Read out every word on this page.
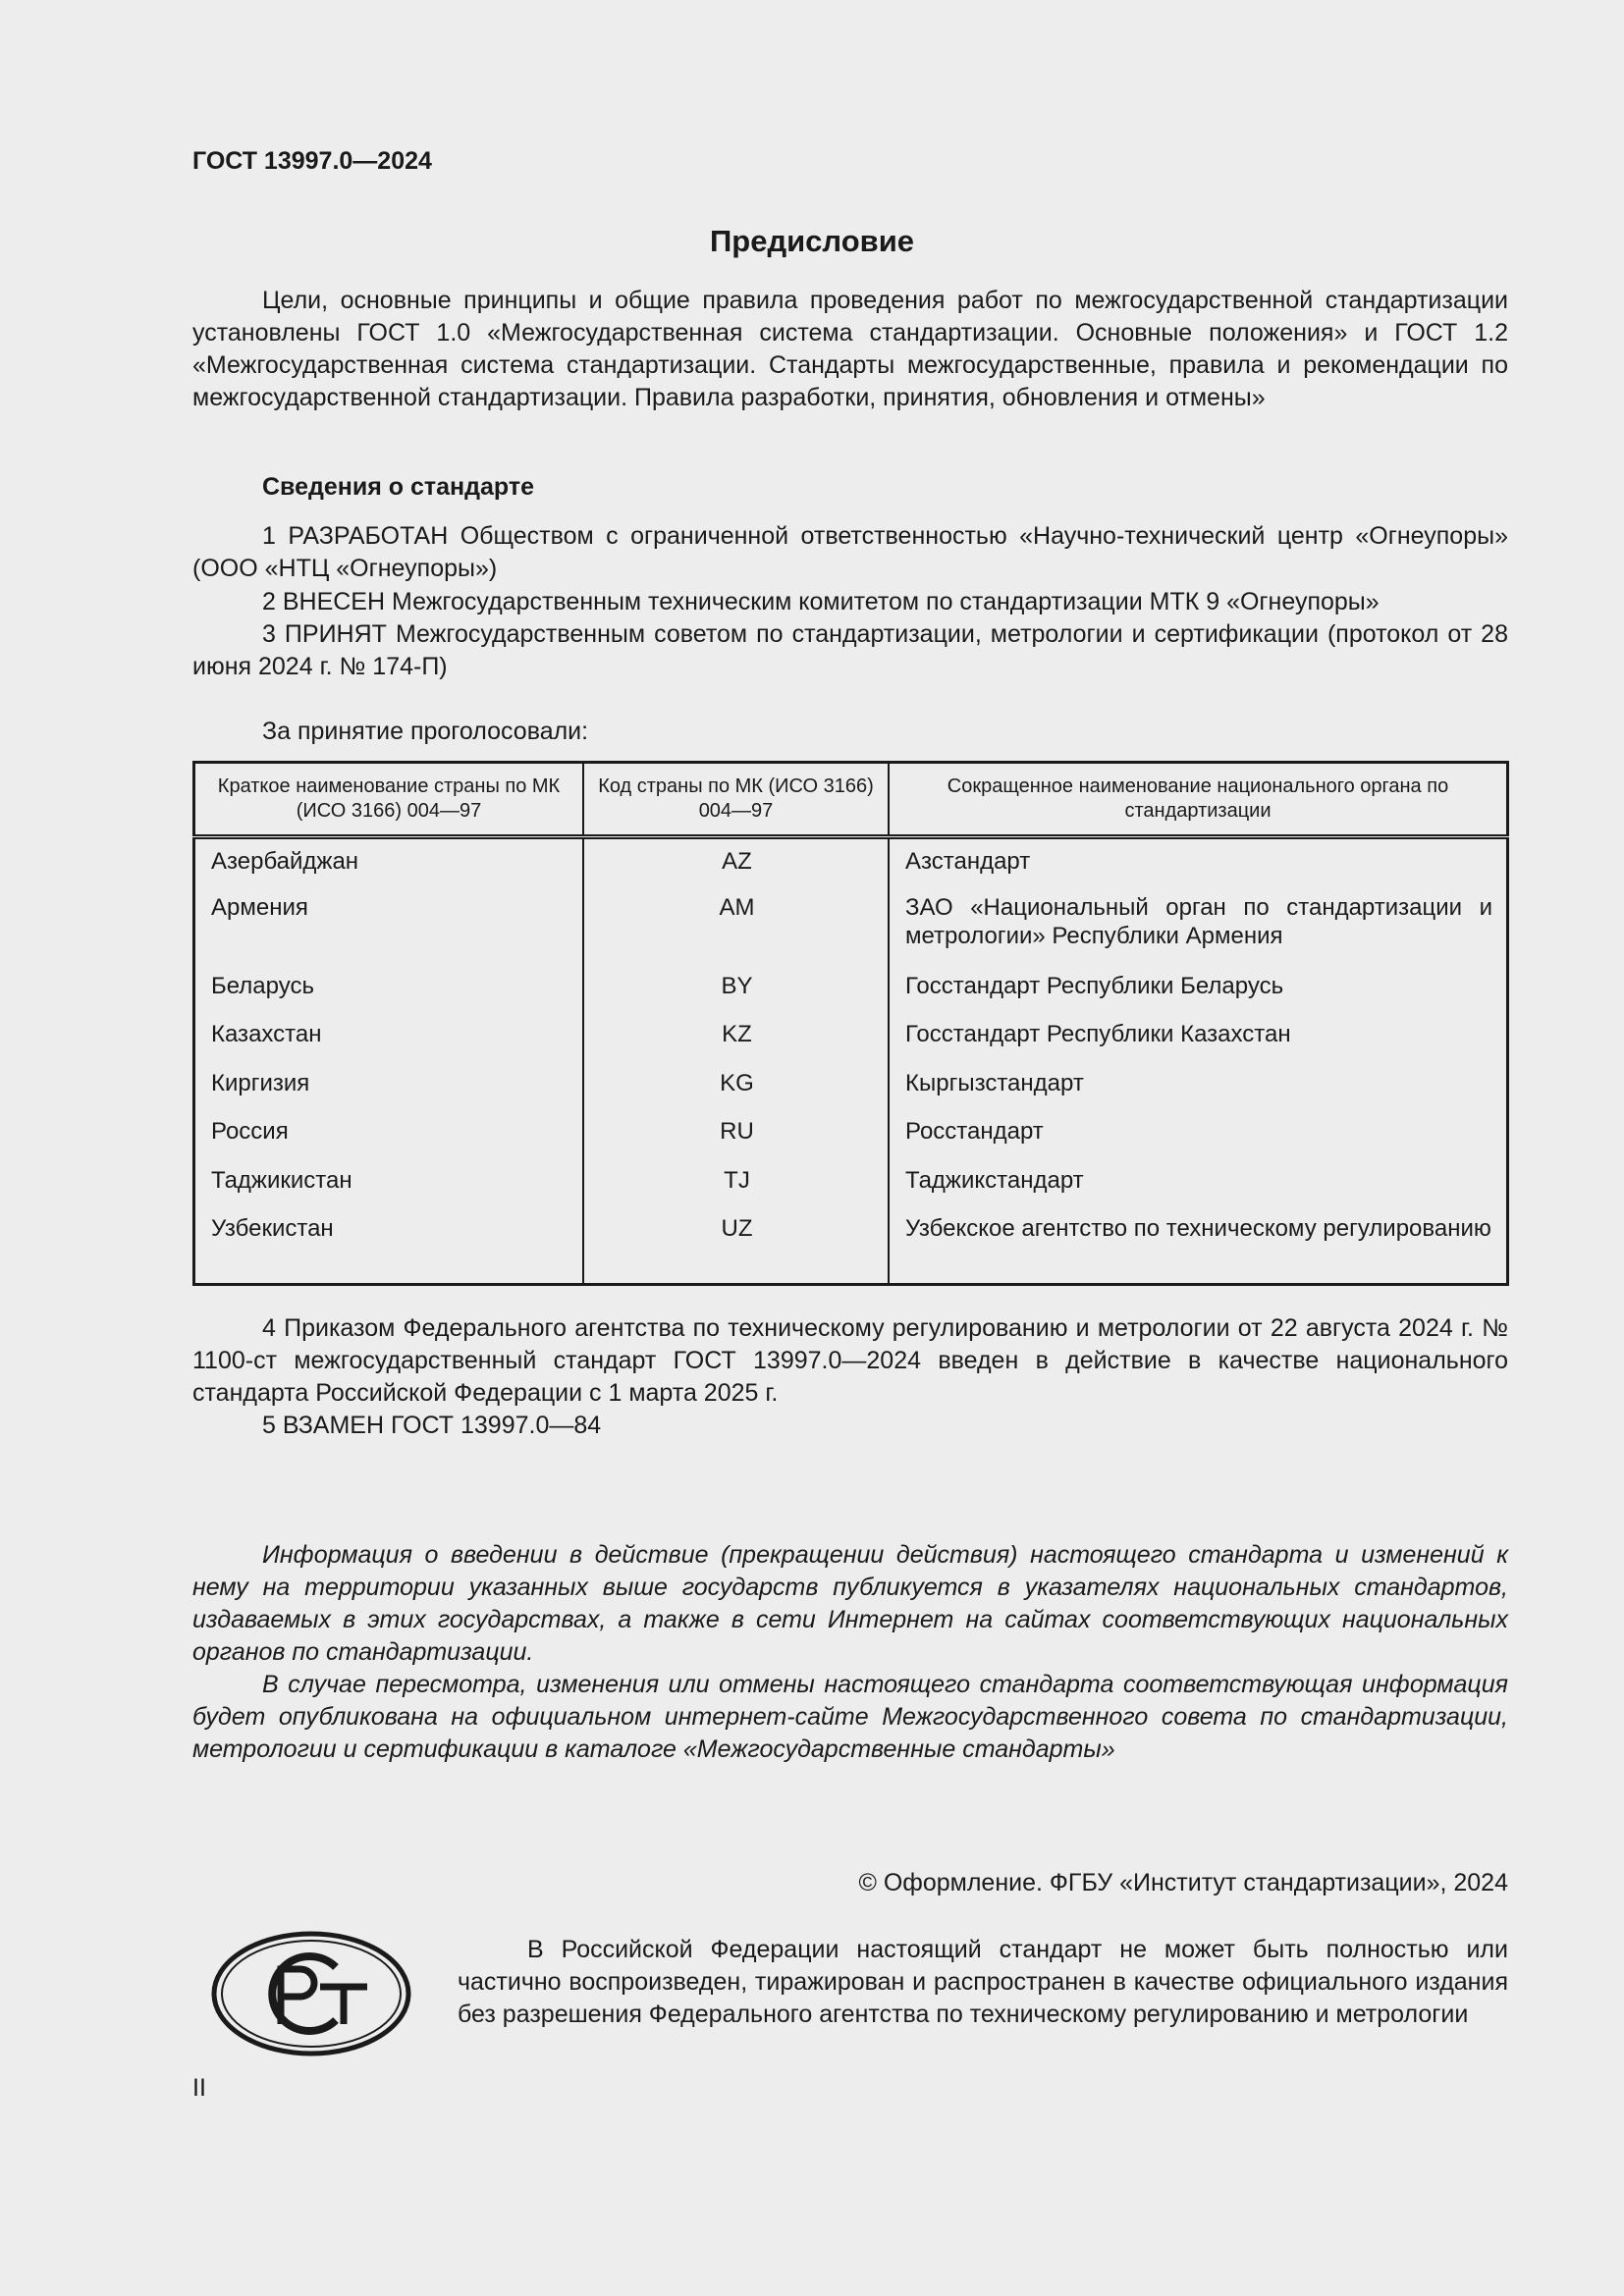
ГОСТ 13997.0—2024
Предисловие
Цели, основные принципы и общие правила проведения работ по межгосударственной стандартизации установлены ГОСТ 1.0 «Межгосударственная система стандартизации. Основные положения» и ГОСТ 1.2 «Межгосударственная система стандартизации. Стандарты межгосударственные, правила и рекомендации по межгосударственной стандартизации. Правила разработки, принятия, обновления и отмены»
Сведения о стандарте
1 РАЗРАБОТАН Обществом с ограниченной ответственностью «Научно-технический центр «Огнеупоры» (ООО «НТЦ «Огнеупоры»)
2 ВНЕСЕН Межгосударственным техническим комитетом по стандартизации МТК 9 «Огнеупоры»
3 ПРИНЯТ Межгосударственным советом по стандартизации, метрологии и сертификации (протокол от 28 июня 2024 г. № 174-П)
За принятие проголосовали:
Краткое наименование страны по МК (ИСО 3166) 004—97	Код страны по МК (ИСО 3166) 004—97	Сокращенное наименование национального органа по стандартизации
Азербайджан	AZ	Азстандарт
Армения	AM	ЗАО «Национальный орган по стандартизации и метрологии» Республики Армения
Беларусь	BY	Госстандарт Республики Беларусь
Казахстан	KZ	Госстандарт Республики Казахстан
Киргизия	KG	Кыргызстандарт
Россия	RU	Росстандарт
Таджикистан	TJ	Таджикстандарт
Узбекистан	UZ	Узбекское агентство по техническому регулированию
4 Приказом Федерального агентства по техническому регулированию и метрологии от 22 августа 2024 г. № 1100-ст межгосударственный стандарт ГОСТ 13997.0—2024 введен в действие в качестве национального стандарта Российской Федерации с 1 марта 2025 г.
5 ВЗАМЕН ГОСТ 13997.0—84
Информация о введении в действие (прекращении действия) настоящего стандарта и изменений к нему на территории указанных выше государств публикуется в указателях национальных стандартов, издаваемых в этих государствах, а также в сети Интернет на сайтах соответствующих национальных органов по стандартизации.
В случае пересмотра, изменения или отмены настоящего стандарта соответствующая информация будет опубликована на официальном интернет-сайте Межгосударственного совета по стандартизации, метрологии и сертификации в каталоге «Межгосударственные стандарты»
© Оформление. ФГБУ «Институт стандартизации», 2024
В Российской Федерации настоящий стандарт не может быть полностью или частично воспроизведен, тиражирован и распространен в качестве официального издания без разрешения Федерального агентства по техническому регулированию и метрологии
II
